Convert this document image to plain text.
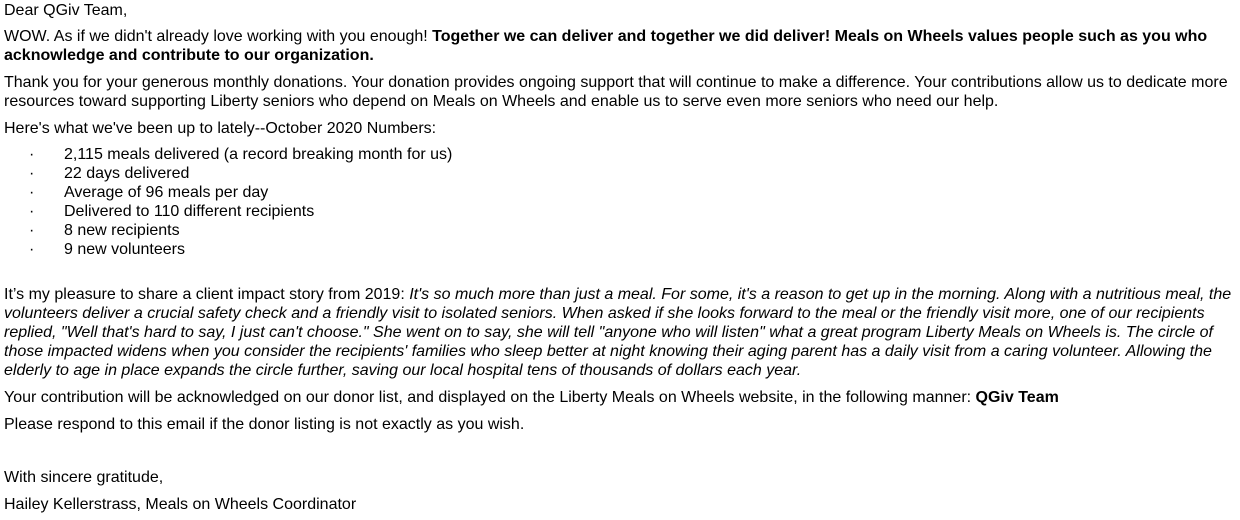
Dear QGiv Team,

WOW. As if we didn't already love working with you enough! Together we can deliver and together we did deliver! Meals on Wheels values people such as you who acknowledge and contribute to our organization.

Thank you for your generous monthly donations. Your donation provides ongoing support that will continue to make a difference. Your contributions allow us to dedicate more resources toward supporting Liberty seniors who depend on Meals on Wheels and enable us to serve even more seniors who need our help.

Here's what we've been up to lately--October 2020 Numbers:

· 2,115 meals delivered (a record breaking month for us)
· 22 days delivered
· Average of 96 meals per day
· Delivered to 110 different recipients
· 8 new recipients
· 9 new volunteers

It’s my pleasure to share a client impact story from 2019: It's so much more than just a meal. For some, it's a reason to get up in the morning. Along with a nutritious meal, the volunteers deliver a crucial safety check and a friendly visit to isolated seniors. When asked if she looks forward to the meal or the friendly visit more, one of our recipients replied, "Well that's hard to say, I just can't choose." She went on to say, she will tell "anyone who will listen" what a great program Liberty Meals on Wheels is. The circle of those impacted widens when you consider the recipients' families who sleep better at night knowing their aging parent has a daily visit from a caring volunteer. Allowing the elderly to age in place expands the circle further, saving our local hospital tens of thousands of dollars each year.

Your contribution will be acknowledged on our donor list, and displayed on the Liberty Meals on Wheels website, in the following manner: QGiv Team

Please respond to this email if the donor listing is not exactly as you wish.

With sincere gratitude,

Hailey Kellerstrass, Meals on Wheels Coordinator
